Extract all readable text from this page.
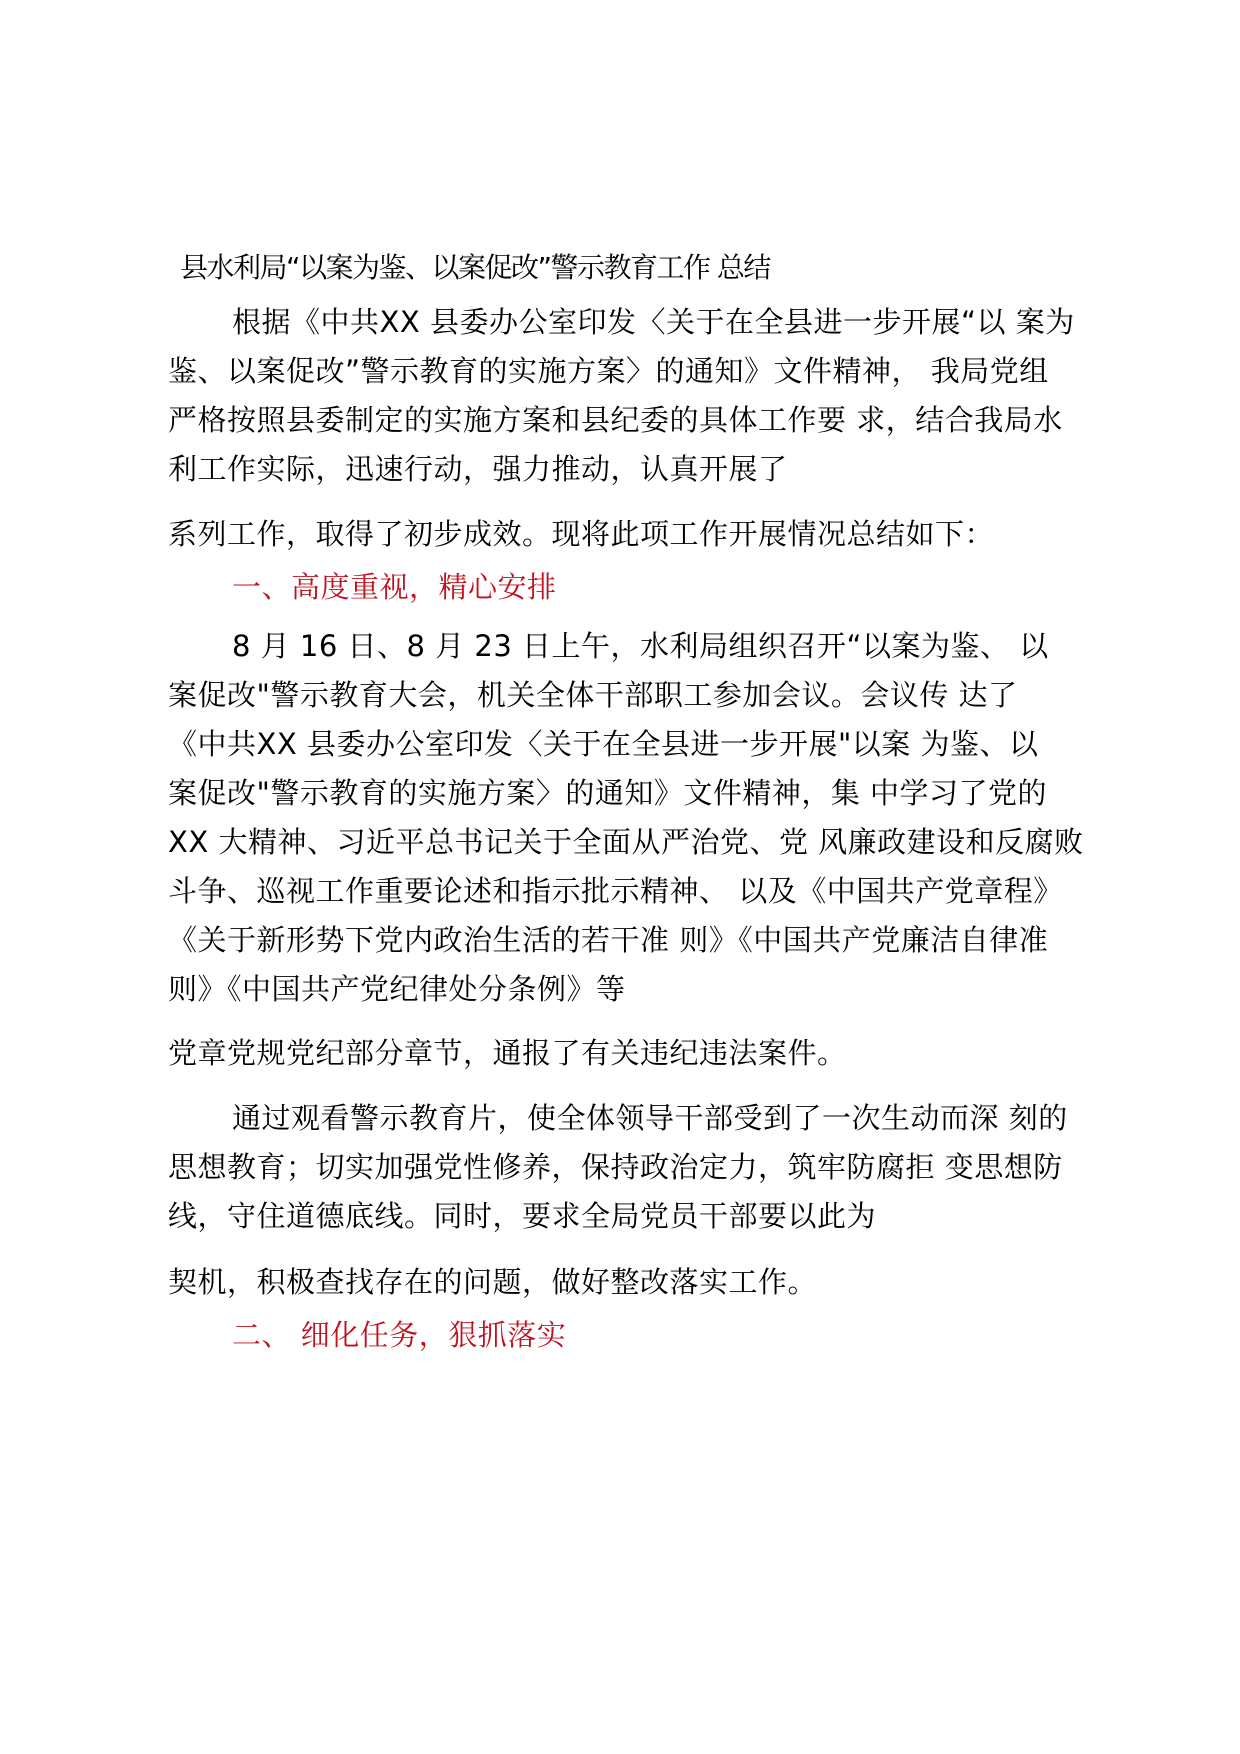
县水利局“以案为鉴、以案促改”警示教育工作 总结
根据《中共ⅩⅩ 县委办公室印发〈关于在全县进一步开展“以 案为
鉴、以案促改”警示教育的实施方案〉的通知》文件精神， 我局党组
严格按照县委制定的实施方案和县纪委的具体工作要 求，结合我局水
利工作实际，迅速行动，强力推动，认真开展了
系列工作，取得了初步成效。现将此项工作开展情况总结如下：
一、高度重视，精心安排
8 月 16 日、8 月 23 日上午，水利局组织召开“以案为鉴、 以
案促改"警示教育大会，机关全体干部职工参加会议。会议传 达了
《中共ⅩⅩ 县委办公室印发〈关于在全县进一步开展"以案 为鉴、以
案促改"警示教育的实施方案〉的通知》文件精神，集 中学习了党的
ⅩⅩ 大精神、习近平总书记关于全面从严治党、党 风廉政建设和反腐败
斗争、巡视工作重要论述和指示批示精神、 以及《中国共产党章程》
《关于新形势下党内政治生活的若干准 则》《中国共产党廉洁自律准
则》《中国共产党纪律处分条例》等
党章党规党纪部分章节，通报了有关违纪违法案件。
通过观看警示教育片，使全体领导干部受到了一次生动而深 刻的
思想教育；切实加强党性修养，保持政治定力，筑牢防腐拒 变思想防
线，守住道德底线。同时，要求全局党员干部要以此为
契机，积极查找存在的问题，做好整改落实工作。
二、 细化任务，狠抓落实
